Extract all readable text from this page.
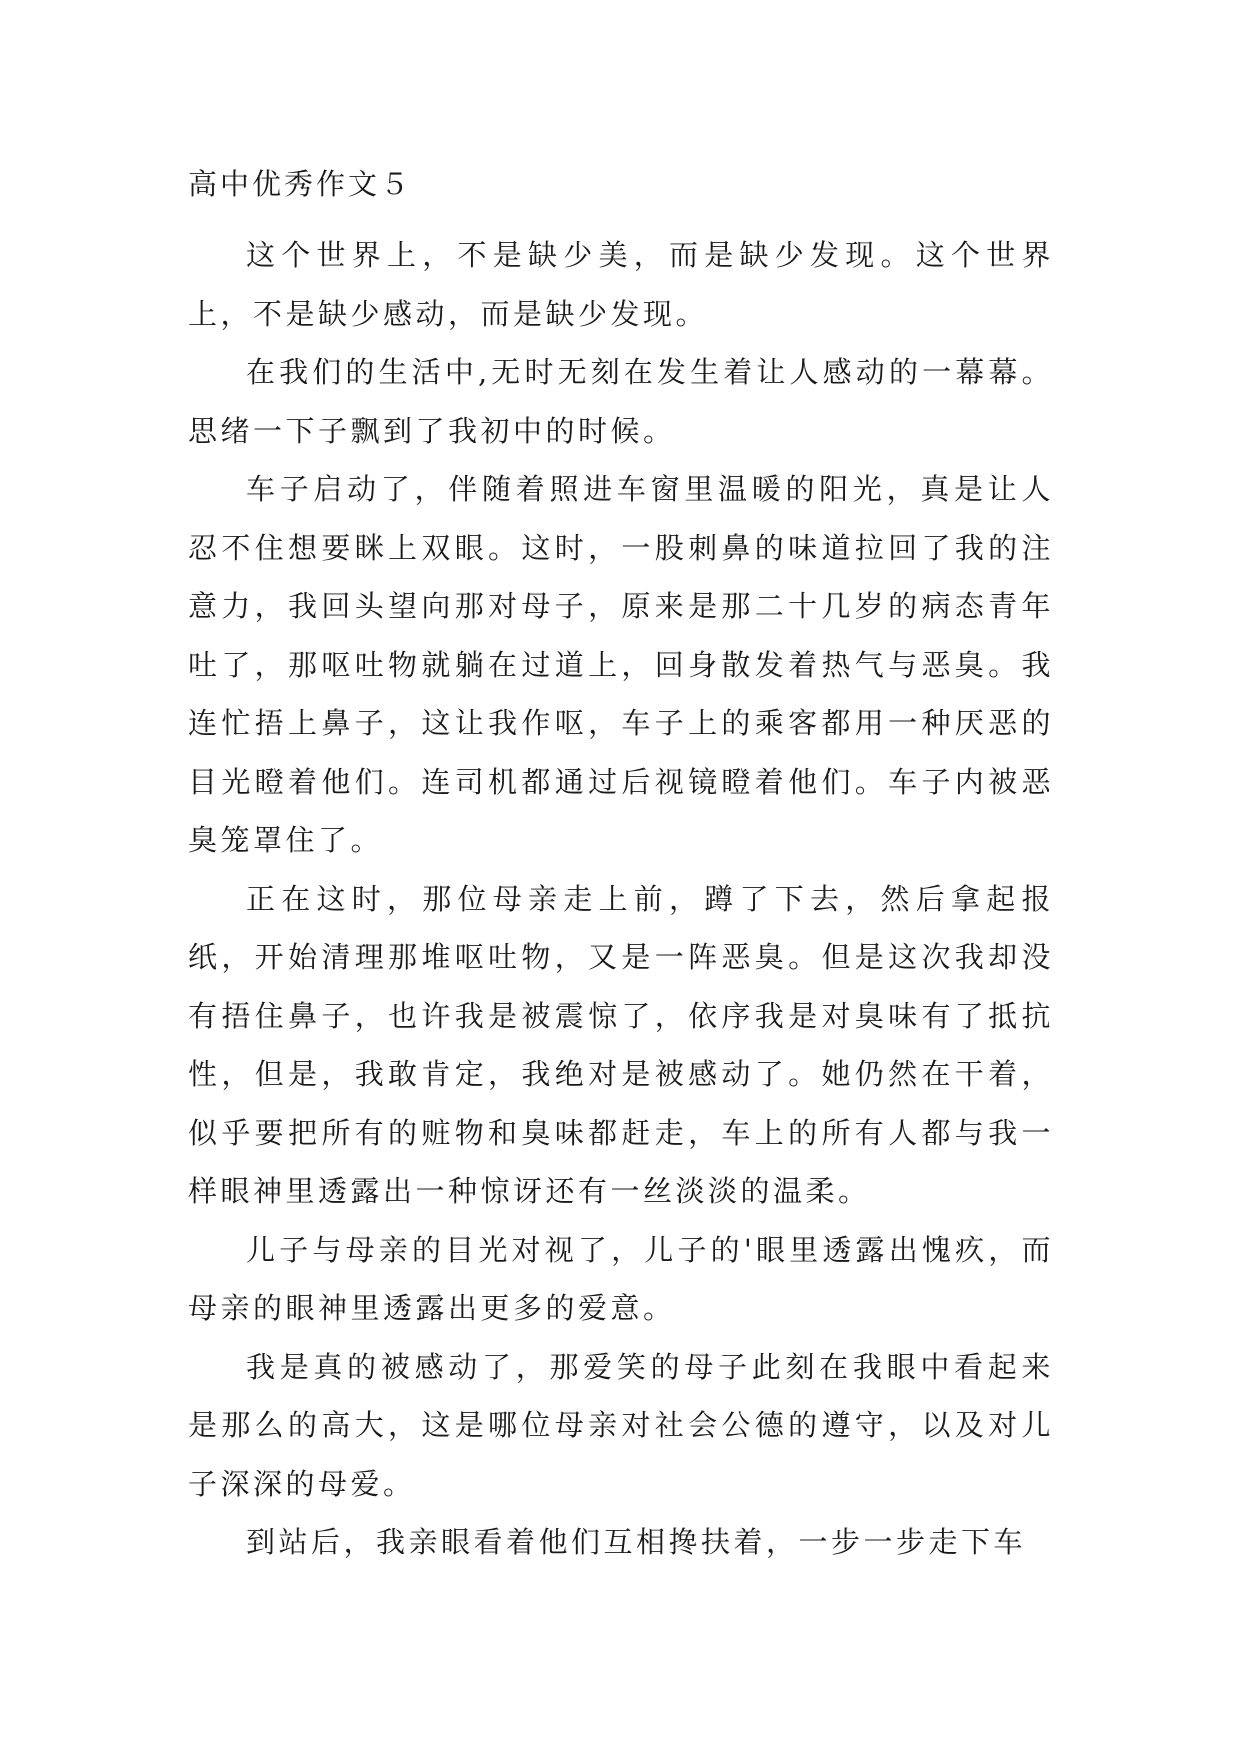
高中优秀作文５

这个世界上，不是缺少美，而是缺少发现。这个世界上，不是缺少感动，而是缺少发现。

在我们的生活中,无时无刻在发生着让人感动的一幕幕。思绪一下子飘到了我初中的时候。

车子启动了，伴随着照进车窗里温暖的阳光，真是让人忍不住想要眯上双眼。这时，一股刺鼻的味道拉回了我的注意力，我回头望向那对母子，原来是那二十几岁的病态青年吐了，那呕吐物就躺在过道上，回身散发着热气与恶臭。我连忙捂上鼻子，这让我作呕，车子上的乘客都用一种厌恶的目光瞪着他们。连司机都通过后视镜瞪着他们。车子内被恶臭笼罩住了。

正在这时，那位母亲走上前，蹲了下去，然后拿起报纸，开始清理那堆呕吐物，又是一阵恶臭。但是这次我却没有捂住鼻子，也许我是被震惊了，依序我是对臭味有了抵抗性，但是，我敢肯定，我绝对是被感动了。她仍然在干着，似乎要把所有的赃物和臭味都赶走，车上的所有人都与我一样眼神里透露出一种惊讶还有一丝淡淡的温柔。

儿子与母亲的目光对视了，儿子的'眼里透露出愧疚，而母亲的眼神里透露出更多的爱意。

我是真的被感动了，那爱笑的母子此刻在我眼中看起来是那么的高大，这是哪位母亲对社会公德的遵守，以及对儿子深深的母爱。

到站后，我亲眼看着他们互相搀扶着，一步一步走下车
